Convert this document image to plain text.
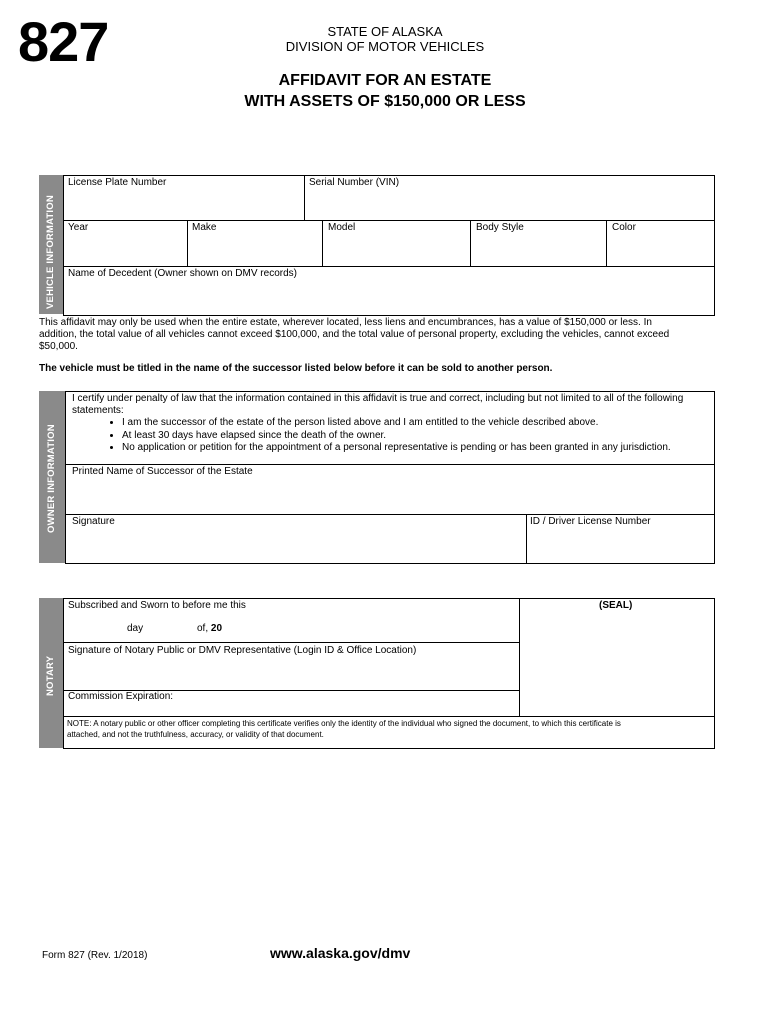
827	STATE OF ALASKA
DIVISION OF MOTOR VEHICLES
AFFIDAVIT FOR AN ESTATE
WITH ASSETS OF $150,000 OR LESS
VEHICLE INFORMATION
License Plate Number	Serial Number (VIN)
Year	Make	Model	Body Style	Color
Name of Decedent (Owner shown on DMV records)
This affidavit may only be used when the entire estate, wherever located, less liens and encumbrances, has a value of $150,000 or less. In
addition, the total value of all vehicles cannot exceed $100,000, and the total value of personal property, excluding the vehicles, cannot exceed
$50,000.
The vehicle must be titled in the name of the successor listed below before it can be sold to another person.
OWNER INFORMATION
I certify under penalty of law that the information contained in this affidavit is true and correct, including but not limited to all of the following
statements:
• I am the successor of the estate of the person listed above and I am entitled to the vehicle described above.
• At least 30 days have elapsed since the death of the owner.
• No application or petition for the appointment of a personal representative is pending or has been granted in any jurisdiction.
Printed Name of Successor of the Estate
Signature	ID / Driver License Number
NOTARY
Subscribed and Sworn to before me this
day	of, 20
(SEAL)
Signature of Notary Public or DMV Representative (Login ID & Office Location)
Commission Expiration:
NOTE: A notary public or other officer completing this certificate verifies only the identity of the individual who signed the document, to which this certificate is
attached, and not the truthfulness, accuracy, or validity of that document.
Form 827 (Rev. 1/2018)	www.alaska.gov/dmv
